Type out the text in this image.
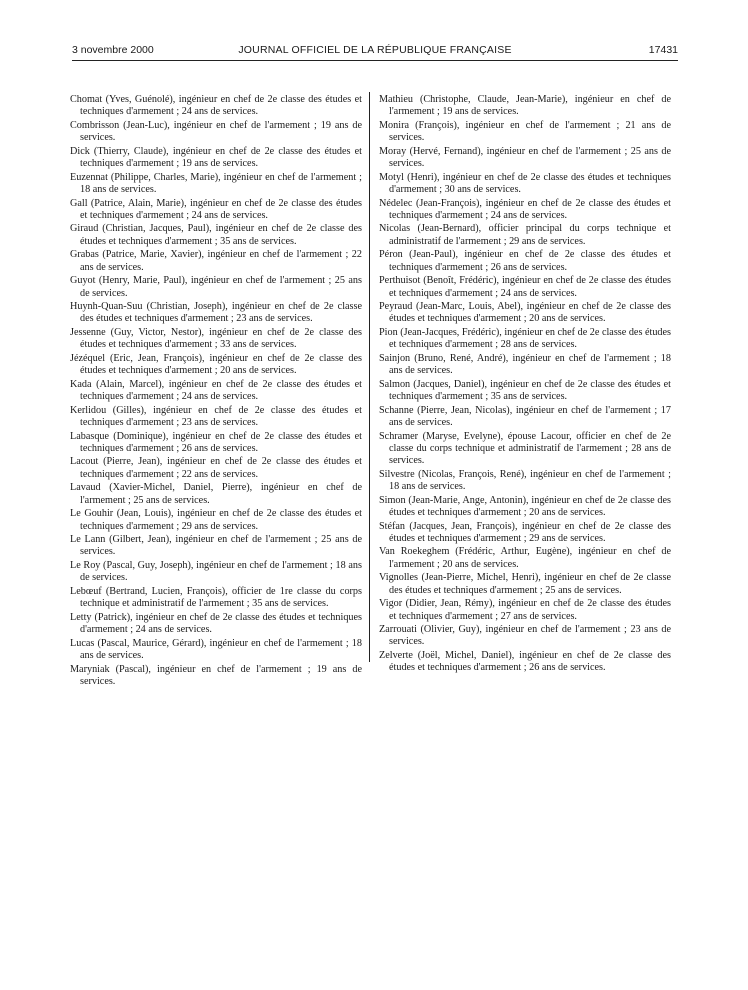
3 novembre 2000	JOURNAL OFFICIEL DE LA RÉPUBLIQUE FRANÇAISE	17431
Chomat (Yves, Guénolé), ingénieur en chef de 2e classe des études et techniques d'armement ; 24 ans de services.
Combrisson (Jean-Luc), ingénieur en chef de l'armement ; 19 ans de services.
Dick (Thierry, Claude), ingénieur en chef de 2e classe des études et techniques d'armement ; 19 ans de services.
Euzennat (Philippe, Charles, Marie), ingénieur en chef de l'armement ; 18 ans de services.
Gall (Patrice, Alain, Marie), ingénieur en chef de 2e classe des études et techniques d'armement ; 24 ans de services.
Giraud (Christian, Jacques, Paul), ingénieur en chef de 2e classe des études et techniques d'armement ; 35 ans de services.
Grabas (Patrice, Marie, Xavier), ingénieur en chef de l'armement ; 22 ans de services.
Guyot (Henry, Marie, Paul), ingénieur en chef de l'armement ; 25 ans de services.
Huynh-Quan-Suu (Christian, Joseph), ingénieur en chef de 2e classe des études et techniques d'armement ; 23 ans de services.
Jessenne (Guy, Victor, Nestor), ingénieur en chef de 2e classe des études et techniques d'armement ; 33 ans de services.
Jézéquel (Eric, Jean, François), ingénieur en chef de 2e classe des études et techniques d'armement ; 20 ans de services.
Kada (Alain, Marcel), ingénieur en chef de 2e classe des études et techniques d'armement ; 24 ans de services.
Kerlidou (Gilles), ingénieur en chef de 2e classe des études et techniques d'armement ; 23 ans de services.
Labasque (Dominique), ingénieur en chef de 2e classe des études et techniques d'armement ; 26 ans de services.
Lacout (Pierre, Jean), ingénieur en chef de 2e classe des études et techniques d'armement ; 22 ans de services.
Lavaud (Xavier-Michel, Daniel, Pierre), ingénieur en chef de l'armement ; 25 ans de services.
Le Gouhir (Jean, Louis), ingénieur en chef de 2e classe des études et techniques d'armement ; 29 ans de services.
Le Lann (Gilbert, Jean), ingénieur en chef de l'armement ; 25 ans de services.
Le Roy (Pascal, Guy, Joseph), ingénieur en chef de l'armement ; 18 ans de services.
Lebœuf (Bertrand, Lucien, François), officier de 1re classe du corps technique et administratif de l'armement ; 35 ans de services.
Letty (Patrick), ingénieur en chef de 2e classe des études et techniques d'armement ; 24 ans de services.
Lucas (Pascal, Maurice, Gérard), ingénieur en chef de l'armement ; 18 ans de services.
Maryniak (Pascal), ingénieur en chef de l'armement ; 19 ans de services.
Mathieu (Christophe, Claude, Jean-Marie), ingénieur en chef de l'armement ; 19 ans de services.
Monira (François), ingénieur en chef de l'armement ; 21 ans de services.
Moray (Hervé, Fernand), ingénieur en chef de l'armement ; 25 ans de services.
Motyl (Henri), ingénieur en chef de 2e classe des études et techniques d'armement ; 30 ans de services.
Nédelec (Jean-François), ingénieur en chef de 2e classe des études et techniques d'armement ; 24 ans de services.
Nicolas (Jean-Bernard), officier principal du corps technique et administratif de l'armement ; 29 ans de services.
Péron (Jean-Paul), ingénieur en chef de 2e classe des études et techniques d'armement ; 26 ans de services.
Perthuisot (Benoît, Frédéric), ingénieur en chef de 2e classe des études et techniques d'armement ; 24 ans de services.
Peyraud (Jean-Marc, Louis, Abel), ingénieur en chef de 2e classe des études et techniques d'armement ; 20 ans de services.
Pion (Jean-Jacques, Frédéric), ingénieur en chef de 2e classe des études et techniques d'armement ; 28 ans de services.
Sainjon (Bruno, René, André), ingénieur en chef de l'armement ; 18 ans de services.
Salmon (Jacques, Daniel), ingénieur en chef de 2e classe des études et techniques d'armement ; 35 ans de services.
Schanne (Pierre, Jean, Nicolas), ingénieur en chef de l'armement ; 17 ans de services.
Schramer (Maryse, Evelyne), épouse Lacour, officier en chef de 2e classe du corps technique et administratif de l'armement ; 28 ans de services.
Silvestre (Nicolas, François, René), ingénieur en chef de l'armement ; 18 ans de services.
Simon (Jean-Marie, Ange, Antonin), ingénieur en chef de 2e classe des études et techniques d'armement ; 20 ans de services.
Stéfan (Jacques, Jean, François), ingénieur en chef de 2e classe des études et techniques d'armement ; 29 ans de services.
Van Roekeghem (Frédéric, Arthur, Eugène), ingénieur en chef de l'armement ; 20 ans de services.
Vignolles (Jean-Pierre, Michel, Henri), ingénieur en chef de 2e classe des études et techniques d'armement ; 25 ans de services.
Vigor (Didier, Jean, Rémy), ingénieur en chef de 2e classe des études et techniques d'armement ; 27 ans de services.
Zarrouati (Olivier, Guy), ingénieur en chef de l'armement ; 23 ans de services.
Zelverte (Joël, Michel, Daniel), ingénieur en chef de 2e classe des études et techniques d'armement ; 26 ans de services.
